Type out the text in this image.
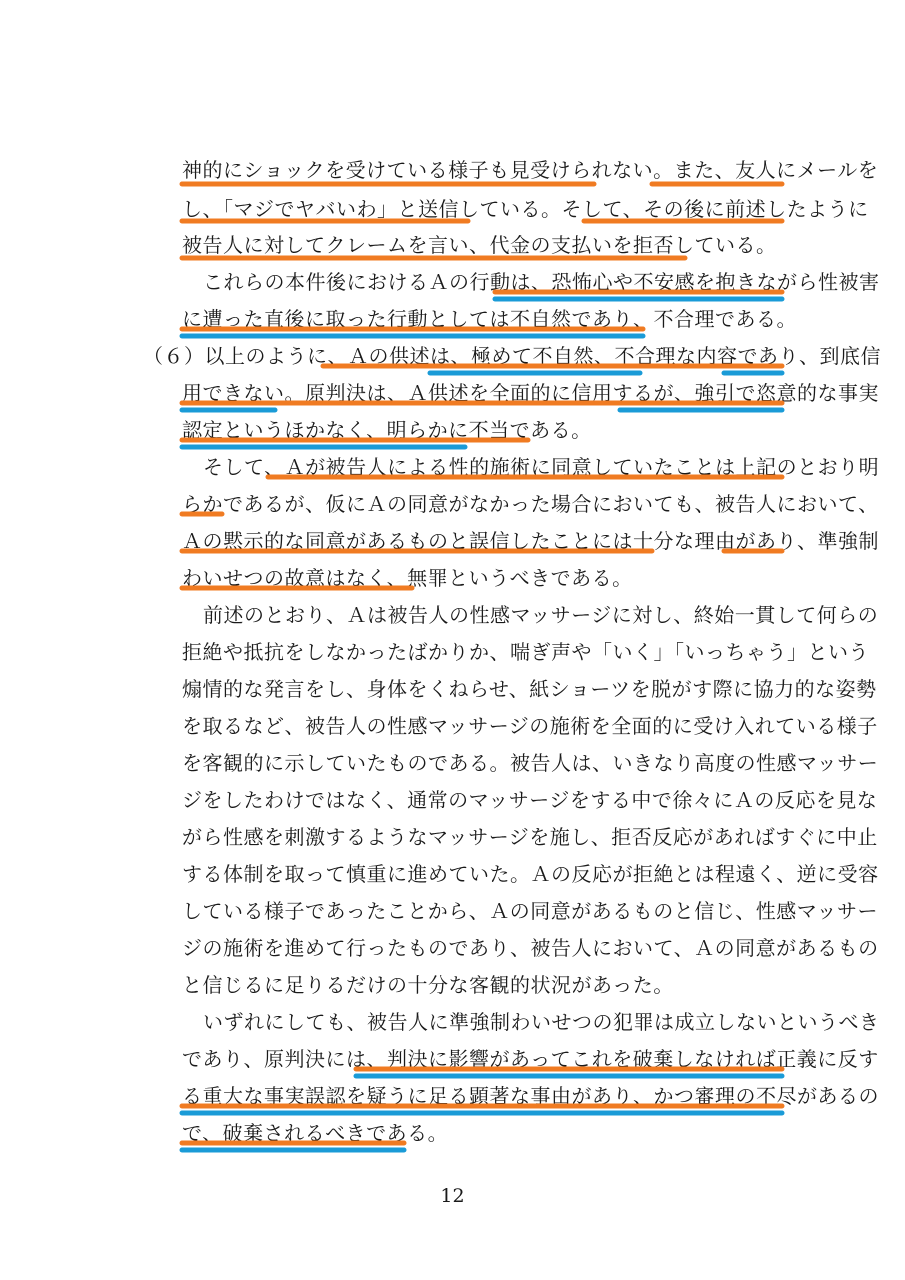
神的にショックを受けている様子も見受けられない。また、友人にメールを
し、「マジでヤバいわ」と送信している。そして、その後に前述したように
被告人に対してクレームを言い、代金の支払いを拒否している。
これらの本件後におけるＡの行動は、恐怖心や不安感を抱きながら性被害
に遭った直後に取った行動としては不自然であり、不合理である。
（６）以上のように、Ａの供述は、極めて不自然、不合理な内容であり、到底信
用できない。原判決は、Ａ供述を全面的に信用するが、強引で恣意的な事実
認定というほかなく、明らかに不当である。
そして、Ａが被告人による性的施術に同意していたことは上記のとおり明
らかであるが、仮にＡの同意がなかった場合においても、被告人において、
Ａの黙示的な同意があるものと誤信したことには十分な理由があり、準強制
わいせつの故意はなく、無罪というべきである。
前述のとおり、Ａは被告人の性感マッサージに対し、終始一貫して何らの
拒絶や抵抗をしなかったばかりか、喘ぎ声や「いく」「いっちゃう」という
煽情的な発言をし、身体をくねらせ、紙ショーツを脱がす際に協力的な姿勢
を取るなど、被告人の性感マッサージの施術を全面的に受け入れている様子
を客観的に示していたものである。被告人は、いきなり高度の性感マッサー
ジをしたわけではなく、通常のマッサージをする中で徐々にＡの反応を見な
がら性感を刺激するようなマッサージを施し、拒否反応があればすぐに中止
する体制を取って慎重に進めていた。Ａの反応が拒絶とは程遠く、逆に受容
している様子であったことから、Ａの同意があるものと信じ、性感マッサー
ジの施術を進めて行ったものであり、被告人において、Ａの同意があるもの
と信じるに足りるだけの十分な客観的状況があった。
いずれにしても、被告人に準強制わいせつの犯罪は成立しないというべき
であり、原判決には、判決に影響があってこれを破棄しなければ正義に反す
る重大な事実誤認を疑うに足る顕著な事由があり、かつ審理の不尽があるの
で、破棄されるべきである。
12
